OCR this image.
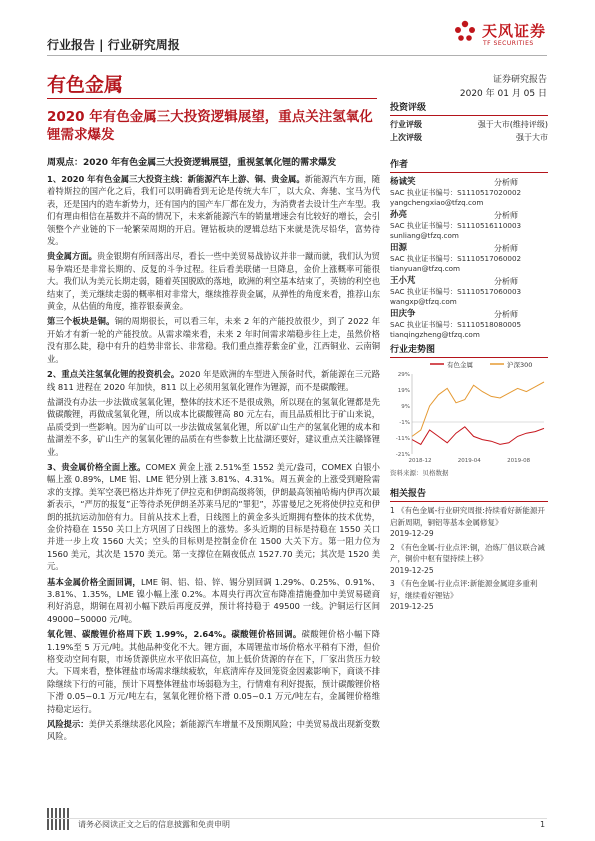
行业报告 | 行业研究周报
天风证券
TF SECURITIES
有色金属	证券研究报告
2020 年 01 月 05 日
2020 年有色金属三大投资逻辑展望，重点关注氢氧化锂需求爆发
周观点：2020 年有色金属三大投资逻辑展望，重视氢氧化锂的需求爆发

1、2020 年有色金属三大投资主线：新能源汽车上游、铜、贵金属。新能源汽车方面，随着特斯拉的国产化之后，我们可以明确看到无论是传统大车厂，以大众、奔驰、宝马为代表，还是国内的造车新势力，还有国内的国产车厂都在发力，为消费者去设计生产车型。我们有理由相信在基数并不高的情况下，未来新能源汽车的销量增速会有比较好的增长，会引领整个产业链的下一轮繁荣周期的开启。锂钴板块的逻辑总结下来就是洗尽铅华，富势待发。

贵金属方面。贵金银期有所回落出尽，看长一些中美贸易战协议并非一蹴而就，我们认为贸易争端还是非常长期的、反复的斗争过程。往后看美联储一旦降息，金价上涨概率可能很大。我们认为美元长期走弱，随着英国脱欧的落地，欧洲的利空基本结束了，英镑的利空也结束了，美元继续走弱的概率相对非常大，继续推荐贵金属，从弹性的角度来看，推荐山东黄金，从估值的角度，推荐银泰黄金。

第三个板块是铜。铜的周期很长，可以看三年，未来 2 年的产能投放很少，到了 2022 年开始才有新一轮的产能投放。从需求端来看，未来 2 年时间需求端稳步往上走，虽然价格没有那么陡，稳中有升的趋势非常长、非常稳。我们重点推荐紫金矿业，江西铜业、云南铜业。

2、重点关注氢氧化锂的投资机会。2020 年是欧洲的车型进入预备时代，新能源在三元路线 811 进程在 2020 年加快，811 以上必须用氢氧化锂作为锂源，而不是碳酸锂。

盐湖没有办法一步法做成氢氧化锂，整体的技术还不是很成熟，所以现在的氢氧化锂都是先做碳酸锂，再做成氢氧化锂，所以成本比碳酸锂高 80 元左右，而且品质相比于矿山来说，品质受到一些影响。因为矿山可以一步法做成氢氧化锂，所以矿山生产的氢氧化锂的成本和盐湖差不多，矿山生产的氢氧化锂的品质在有些参数上比盐湖还要好，建议重点关注赣锋锂业。

3、贵金属价格全面上涨。COMEX 黄金上涨 2.51%至 1552 美元/盎司，COMEX 白银小幅上涨 0.89%，LME 铝、LME 钯分别上涨 3.81%、4.31%。周五黄金的上涨受到避险需求的支撑。美军空袭巴格达并炸死了伊拉克和伊朗高级将领，伊朗最高领袖哈梅内伊再次最新表示，“严厉的报复”正等待杀死伊朗圣苏莱马尼的“罪犯”，苏雷曼尼之死将使伊拉克和伊朗的抵抗运动加倍有力。目前从技术上看，日线图上的黄金多头近期拥有整体的技术优势，金价持稳在 1550 关口上方巩固了日线图上的涨势。多头近期的目标是持稳在 1550 关口并进一步上攻 1560 大关；空头的目标则是控制金价在 1500 大关下方。第一阻力位为 1560 美元，其次是 1570 美元。第一支撑位在隔夜低点 1527.70 美元；其次是 1520 美元。

基本金属价格全面回调，LME 铜、铝、铅、锌、锡分别回调 1.29%、0.25%、0.91%、3.81%、1.35%，LME 镍小幅上涨 0.2%。本周央行再次宣布降准措施叠加中美贸易磋商利好消息，期铜在周初小幅下跌后再度反弹，预计将持稳于 49500 一线。沪铜运行区间 49000~50000 元/吨。

氧化锂、碳酸锂价格周下跌 1.99%，2.64%。碳酸锂价格回调。碳酸锂价格小幅下降 1.19%至 5 万元/吨。其他品种变化不大。锂方面，本周锂盐市场价格水平稍有下滑，但价格变动空间有限，市场货源供应水平依旧高位，加上低价货源的存在下，厂家出货压力较大。下周来看，整体锂盐市场需求继续疲软，年底清库存及回笼资金因素影响下，商谈不排除继续下行的可能，预计下周整体锂盐市场弱稳为主，行情难有利好提振，预计碳酸锂价格下滑 0.05~0.1 万元/吨左右，氢氧化锂价格下滑 0.05~0.1 万元/吨左右，金属锂价格维持稳定运行。

风险提示：美伊关系继续恶化风险；新能源汽车增量不及预期风险；中美贸易战出现新变数风险。

投资评级
行业评级	强于大市(维持评级)
上次评级	强于大市
作者
杨诚笑	分析师
SAC 执业证书编号：S1110517020002
yangchengxiao@tfzq.com
孙亮	分析师
SAC 执业证书编号：S1110516110003
sunliang@tfzq.com
田源	分析师
SAC 执业证书编号：S1110517060002
tianyuan@tfzq.com
王小芃	分析师
SAC 执业证书编号：S1110517060003
wangxp@tfzq.com
田庆争	分析师
SAC 执业证书编号：S1110518080005
tianqingzheng@tfzq.com
行业走势图
有色金属	沪深300
29%
19%
9%
-1%
-11%
-21%
2018-12	2019-04	2019-08
资料来源：贝格数据
相关报告
1 《有色金属-行业研究周报:持续看好新能源开启新周期，铜铝等基本金属修复》
2019-12-29
2 《有色金属-行业点评:铜，冶炼厂倡议联合减产，铜价中枢有望持续上移》
2019-12-25
3 《有色金属-行业点评:新能源金属迎多重利好，继续看好锂钴》
2019-12-25
请务必阅读正文之后的信息披露和免责申明	1
